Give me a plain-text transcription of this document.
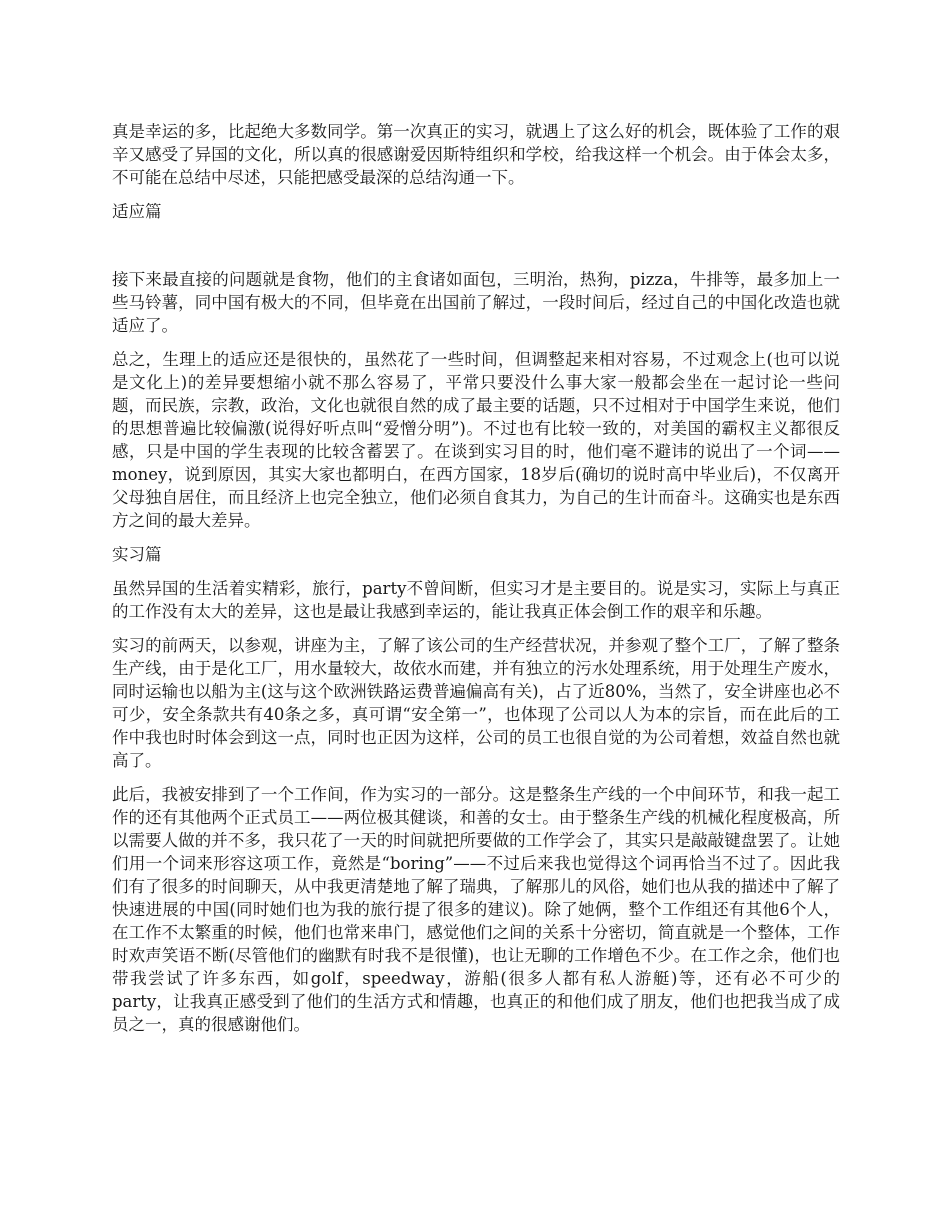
真是幸运的多，比起绝大多数同学。第一次真正的实习，就遇上了这么好的机会，既体验了工作的艰辛又感受了异国的文化，所以真的很感谢爱因斯特组织和学校，给我这样一个机会。由于体会太多，不可能在总结中尽述，只能把感受最深的总结沟通一下。

适应篇

接下来最直接的问题就是食物，他们的主食诸如面包，三明治，热狗，pizza，牛排等，最多加上一些马铃薯，同中国有极大的不同，但毕竟在出国前了解过，一段时间后，经过自己的中国化改造也就适应了。

总之，生理上的适应还是很快的，虽然花了一些时间，但调整起来相对容易，不过观念上(也可以说是文化上)的差异要想缩小就不那么容易了，平常只要没什么事大家一般都会坐在一起讨论一些问题，而民族，宗教，政治，文化也就很自然的成了最主要的话题，只不过相对于中国学生来说，他们的思想普遍比较偏激(说得好听点叫“爱憎分明”)。不过也有比较一致的，对美国的霸权主义都很反感，只是中国的学生表现的比较含蓄罢了。在谈到实习目的时，他们毫不避讳的说出了一个词——money，说到原因，其实大家也都明白，在西方国家，18岁后(确切的说时高中毕业后)，不仅离开父母独自居住，而且经济上也完全独立，他们必须自食其力，为自己的生计而奋斗。这确实也是东西方之间的最大差异。

实习篇

虽然异国的生活着实精彩，旅行，party不曾间断，但实习才是主要目的。说是实习，实际上与真正的工作没有太大的差异，这也是最让我感到幸运的，能让我真正体会倒工作的艰辛和乐趣。

实习的前两天，以参观，讲座为主，了解了该公司的生产经营状况，并参观了整个工厂，了解了整条生产线，由于是化工厂，用水量较大，故依水而建，并有独立的污水处理系统，用于处理生产废水，同时运输也以船为主(这与这个欧洲铁路运费普遍偏高有关)，占了近80%，当然了，安全讲座也必不可少，安全条款共有40条之多，真可谓“安全第一”，也体现了公司以人为本的宗旨，而在此后的工作中我也时时体会到这一点，同时也正因为这样，公司的员工也很自觉的为公司着想，效益自然也就高了。

此后，我被安排到了一个工作间，作为实习的一部分。这是整条生产线的一个中间环节，和我一起工作的还有其他两个正式员工——两位极其健谈，和善的女士。由于整条生产线的机械化程度极高，所以需要人做的并不多，我只花了一天的时间就把所要做的工作学会了，其实只是敲敲键盘罢了。让她们用一个词来形容这项工作，竟然是“boring”——不过后来我也觉得这个词再恰当不过了。因此我们有了很多的时间聊天，从中我更清楚地了解了瑞典，了解那儿的风俗，她们也从我的描述中了解了快速进展的中国(同时她们也为我的旅行提了很多的建议)。除了她俩，整个工作组还有其他6个人，在工作不太繁重的时候，他们也常来串门，感觉他们之间的关系十分密切，简直就是一个整体，工作时欢声笑语不断(尽管他们的幽默有时我不是很懂)，也让无聊的工作增色不少。在工作之余，他们也带我尝试了许多东西，如golf，speedway，游船(很多人都有私人游艇)等，还有必不可少的party，让我真正感受到了他们的生活方式和情趣，也真正的和他们成了朋友，他们也把我当成了成员之一，真的很感谢他们。
